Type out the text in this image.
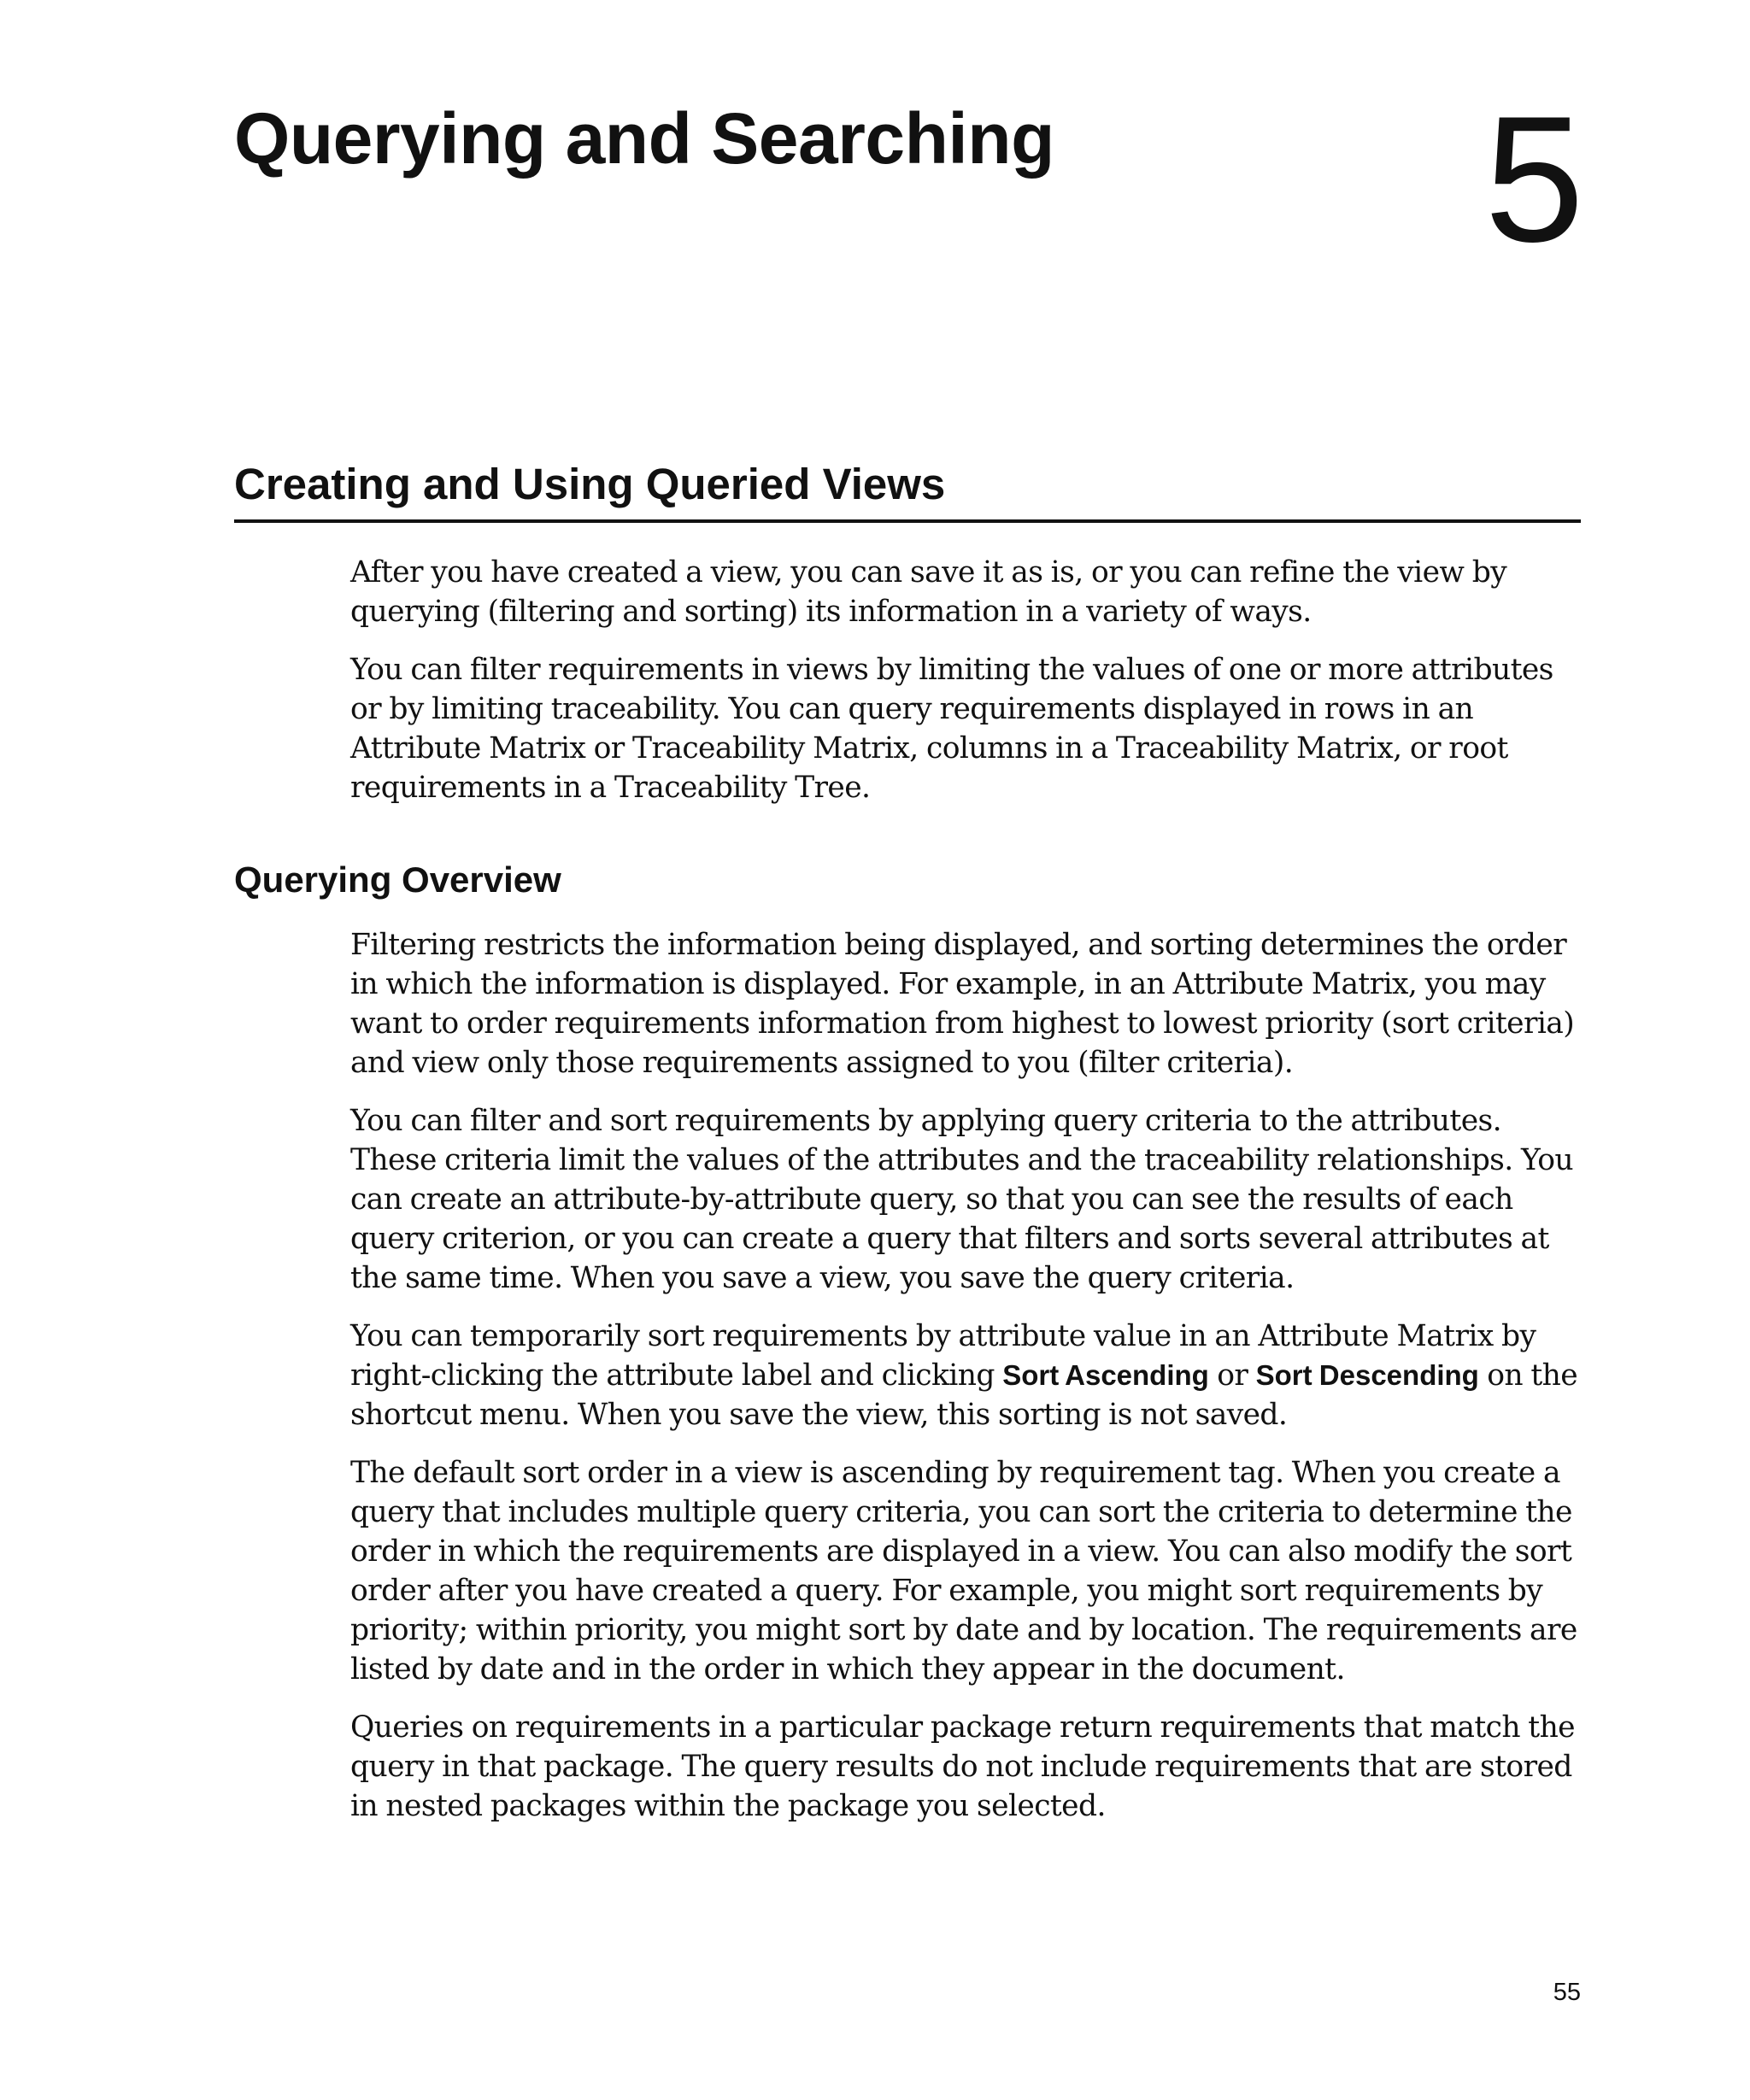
Querying and Searching 5
Creating and Using Queried Views

After you have created a view, you can save it as is, or you can refine the view by querying (filtering and sorting) its information in a variety of ways.

You can filter requirements in views by limiting the values of one or more attributes or by limiting traceability. You can query requirements displayed in rows in an Attribute Matrix or Traceability Matrix, columns in a Traceability Matrix, or root requirements in a Traceability Tree.

Querying Overview

Filtering restricts the information being displayed, and sorting determines the order in which the information is displayed. For example, in an Attribute Matrix, you may want to order requirements information from highest to lowest priority (sort criteria) and view only those requirements assigned to you (filter criteria).

You can filter and sort requirements by applying query criteria to the attributes. These criteria limit the values of the attributes and the traceability relationships. You can create an attribute-by-attribute query, so that you can see the results of each query criterion, or you can create a query that filters and sorts several attributes at the same time. When you save a view, you save the query criteria.

You can temporarily sort requirements by attribute value in an Attribute Matrix by right-clicking the attribute label and clicking Sort Ascending or Sort Descending on the shortcut menu. When you save the view, this sorting is not saved.

The default sort order in a view is ascending by requirement tag. When you create a query that includes multiple query criteria, you can sort the criteria to determine the order in which the requirements are displayed in a view. You can also modify the sort order after you have created a query. For example, you might sort requirements by priority; within priority, you might sort by date and by location. The requirements are listed by date and in the order in which they appear in the document.

Queries on requirements in a particular package return requirements that match the query in that package. The query results do not include requirements that are stored in nested packages within the package you selected.

55
